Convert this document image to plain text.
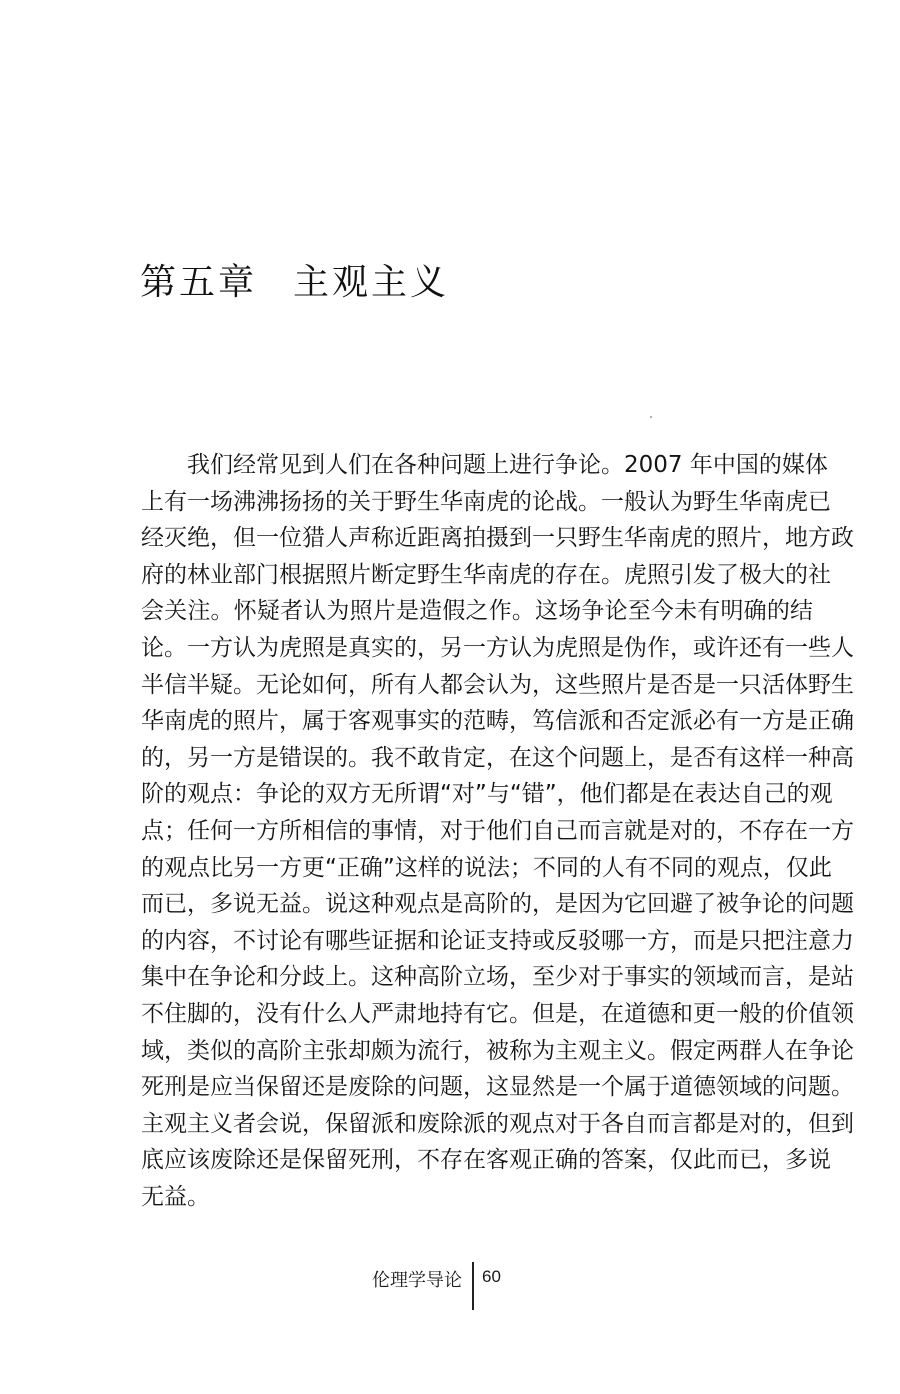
第五章 主观主义
我们经常见到人们在各种问题上进行争论。2007 年中国的媒体
上有一场沸沸扬扬的关于野生华南虎的论战。一般认为野生华南虎已
经灭绝，但一位猎人声称近距离拍摄到一只野生华南虎的照片，地方政
府的林业部门根据照片断定野生华南虎的存在。虎照引发了极大的社
会关注。怀疑者认为照片是造假之作。这场争论至今未有明确的结
论。一方认为虎照是真实的，另一方认为虎照是伪作，或许还有一些人
半信半疑。无论如何，所有人都会认为，这些照片是否是一只活体野生
华南虎的照片，属于客观事实的范畴，笃信派和否定派必有一方是正确
的，另一方是错误的。我不敢肯定，在这个问题上，是否有这样一种高
阶的观点：争论的双方无所谓“对”与“错”，他们都是在表达自己的观
点；任何一方所相信的事情，对于他们自己而言就是对的，不存在一方
的观点比另一方更“正确”这样的说法；不同的人有不同的观点，仅此
而已，多说无益。说这种观点是高阶的，是因为它回避了被争论的问题
的内容，不讨论有哪些证据和论证支持或反驳哪一方，而是只把注意力
集中在争论和分歧上。这种高阶立场，至少对于事实的领域而言，是站
不住脚的，没有什么人严肃地持有它。但是，在道德和更一般的价值领
域，类似的高阶主张却颇为流行，被称为主观主义。假定两群人在争论
死刑是应当保留还是废除的问题，这显然是一个属于道德领域的问题。
主观主义者会说，保留派和废除派的观点对于各自而言都是对的，但到
底应该废除还是保留死刑，不存在客观正确的答案，仅此而已，多说
无益。
伦理学导论 60
